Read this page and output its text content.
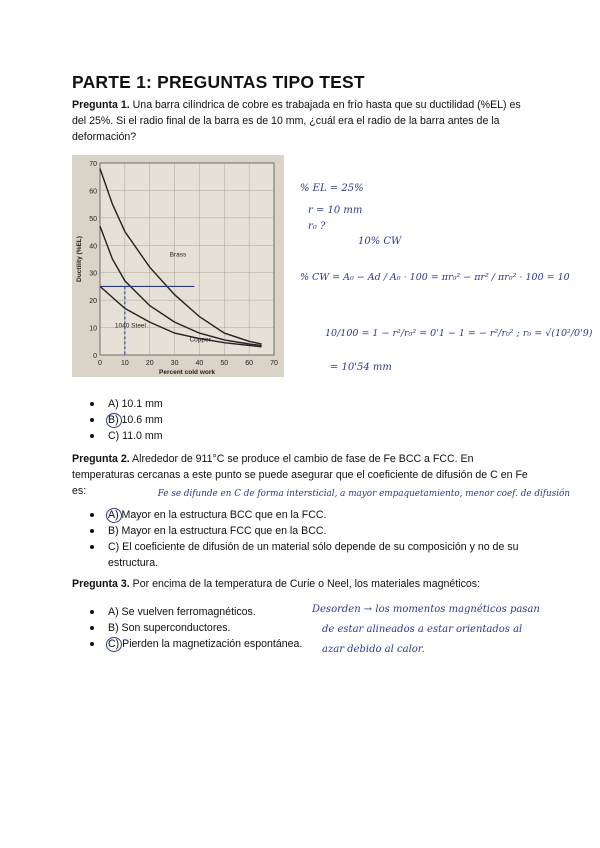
PARTE 1: PREGUNTAS TIPO TEST
Pregunta 1. Una barra cilíndrica de cobre es trabajada en frío hasta que su ductilidad (%EL) es del 25%. Si el radio final de la barra es de 10 mm, ¿cuál era el radio de la barra antes de la deformación?
0
10
20
30
40
50
60
70
0	10 20 30 40 50 60 70
Brass
1040 Steel
Copper
Percent cold work
Ductility (%EL)
% EL = 25%
r = 10 mm
r₀ ?
10% CW
% CW = A₀ − Ad / A₀ · 100 = πr₀² − πr² / πr₀² · 100 = 10
10/100 = 1 − r²/r₀² = 0'1 − 1 = − r²/r₀² ; r₀ = √(10²/0'9)
= 10'54 mm
A) 10.1 mm
B) 10.6 mm
C) 11.0 mm
Pregunta 2. Alrededor de 911°C se produce el cambio de fase de Fe BCC a FCC. En temperaturas cercanas a este punto se puede asegurar que el coeficiente de difusión de C en Fe es:	Fe se difunde en C de forma intersticial, a mayor empaquetamiento, menor coef. de difusión
A) Mayor en la estructura BCC que en la FCC.
B) Mayor en la estructura FCC que en la BCC.
C) El coeficiente de difusión de un material sólo depende de su composición y no de su estructura.
Pregunta 3. Por encima de la temperatura de Curie o Neel, los materiales magnéticos:
A) Se vuelven ferromagnéticos.
B) Son superconductores.
C) Pierden la magnetización espontánea.
Desorden → los momentos magnéticos pasan
de estar alineados a estar orientados al
azar debido al calor.
